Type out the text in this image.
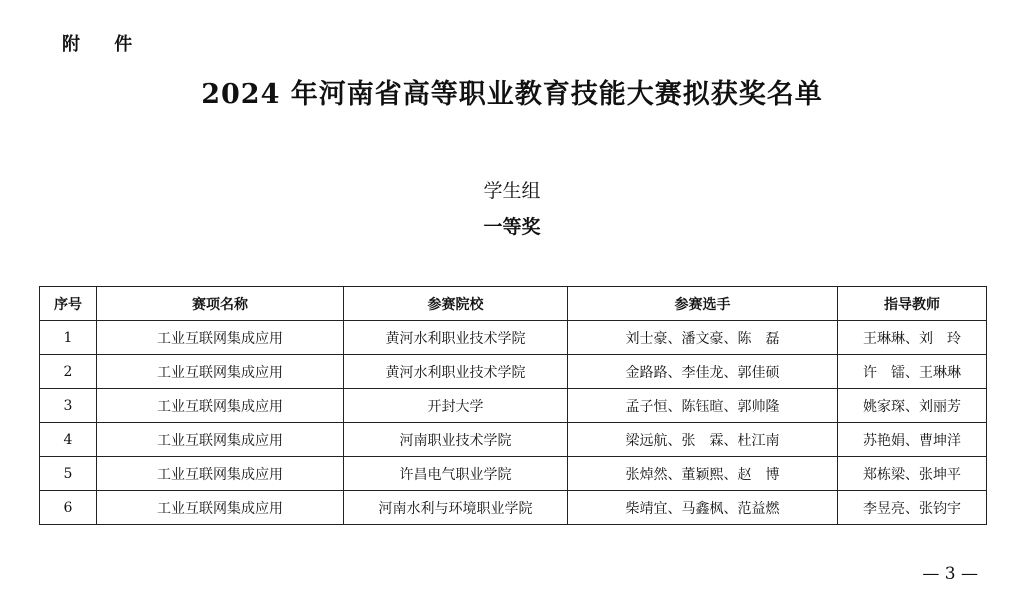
附 件
2024 年河南省高等职业教育技能大赛拟获奖名单
学生组
一等奖
序号	赛项名称	参赛院校	参赛选手	指导教师
1	工业互联网集成应用	黄河水利职业技术学院	刘士豪、潘文豪、陈　磊	王琳琳、刘　玲
2	工业互联网集成应用	黄河水利职业技术学院	金路路、李佳龙、郭佳硕	许　镭、王琳琳
3	工业互联网集成应用	开封大学	孟子恒、陈钰暄、郭帅隆	姚家琛、刘丽芳
4	工业互联网集成应用	河南职业技术学院	梁远航、张　霖、杜江南	苏艳娟、曹坤洋
5	工业互联网集成应用	许昌电气职业学院	张焯然、董颖熙、赵　博	郑栋梁、张坤平
6	工业互联网集成应用	河南水利与环境职业学院	柴靖宜、马鑫枫、范益燃	李昱亮、张钧宇
— 3 —
